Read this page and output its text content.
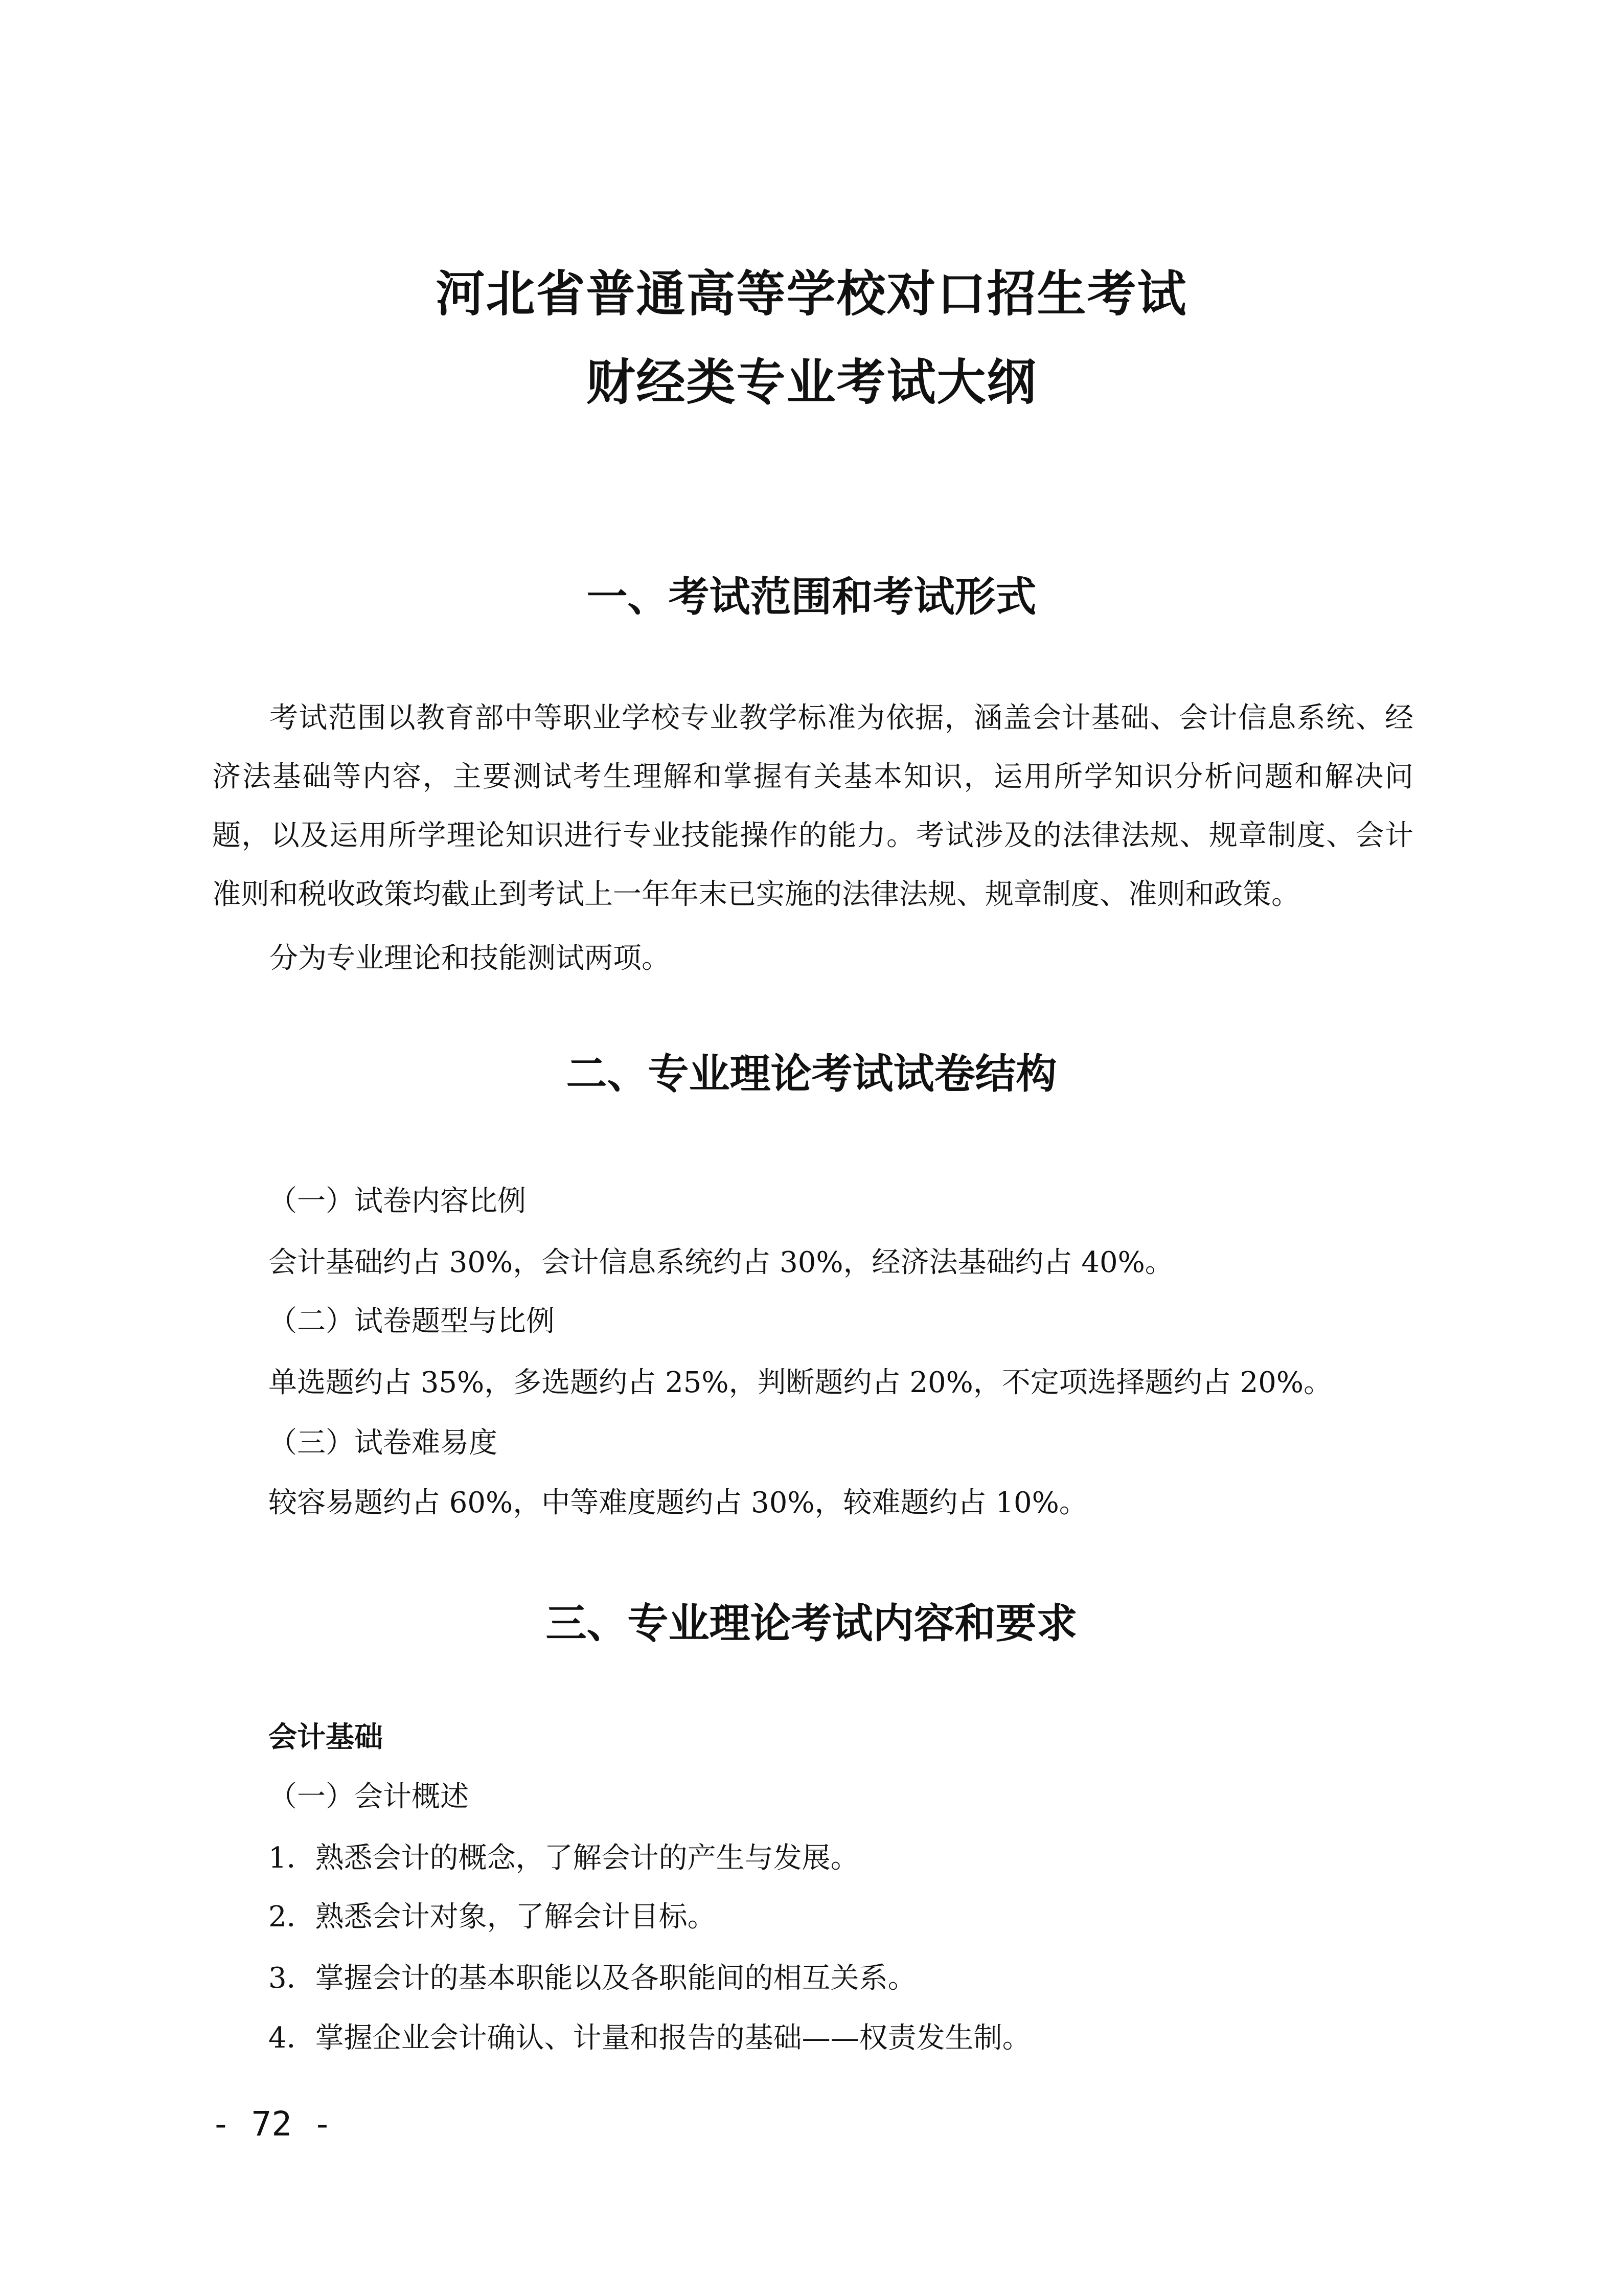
河北省普通高等学校对口招生考试
财经类专业考试大纲
一、考试范围和考试形式
考试范围以教育部中等职业学校专业教学标准为依据，涵盖会计基础、会计信息系统、经济法基础等内容，主要测试考生理解和掌握有关基本知识，运用所学知识分析问题和解决问题，以及运用所学理论知识进行专业技能操作的能力。考试涉及的法律法规、规章制度、会计准则和税收政策均截止到考试上一年年末已实施的法律法规、规章制度、准则和政策。
分为专业理论和技能测试两项。
二、专业理论考试试卷结构
（一）试卷内容比例
会计基础约占 30%，会计信息系统约占 30%，经济法基础约占 40%。
（二）试卷题型与比例
单选题约占 35%，多选题约占 25%，判断题约占 20%，不定项选择题约占 20%。
（三）试卷难易度
较容易题约占 60%，中等难度题约占 30%，较难题约占 10%。
三、专业理论考试内容和要求
会计基础
（一）会计概述
1．熟悉会计的概念，了解会计的产生与发展。
2．熟悉会计对象，了解会计目标。
3．掌握会计的基本职能以及各职能间的相互关系。
4．掌握企业会计确认、计量和报告的基础——权责发生制。
- 72 -
